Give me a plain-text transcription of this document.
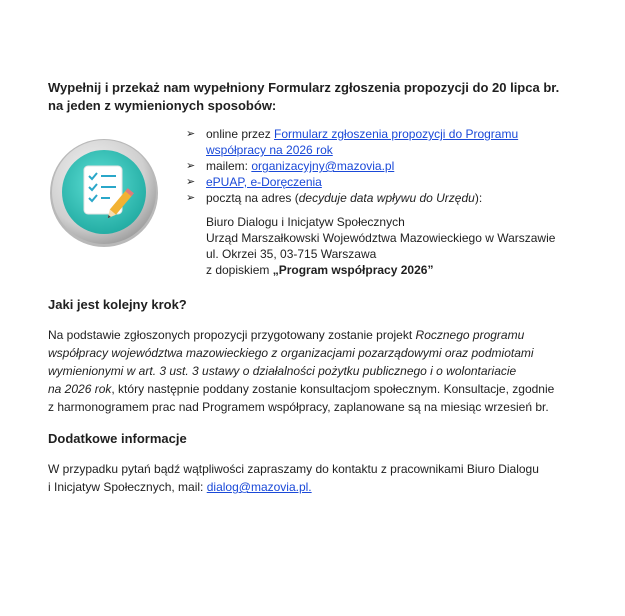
Wypełnij i przekaż nam wypełniony Formularz zgłoszenia propozycji do 20 lipca br.
na jeden z wymienionych sposobów:
➢ online przez Formularz zgłoszenia propozycji do Programu
współpracy na 2026 rok
➢ mailem: organizacyjny@mazovia.pl
➢ ePUAP, e-Doręczenia
➢ pocztą na adres (decyduje data wpływu do Urzędu):
Biuro Dialogu i Inicjatyw Społecznych
Urząd Marszałkowski Województwa Mazowieckiego w Warszawie
ul. Okrzei 35, 03-715 Warszawa
z dopiskiem „Program współpracy 2026”
Jaki jest kolejny krok?

Na podstawie zgłoszonych propozycji przygotowany zostanie projekt Rocznego programu
współpracy województwa mazowieckiego z organizacjami pozarządowymi oraz podmiotami
wymienionymi w art. 3 ust. 3 ustawy o działalności pożytku publicznego i o wolontariacie
na 2026 rok, który następnie poddany zostanie konsultacjom społecznym. Konsultacje, zgodnie
z harmonogramem prac nad Programem współpracy, zaplanowane są na miesiąc wrzesień br.

Dodatkowe informacje

W przypadku pytań bądź wątpliwości zapraszamy do kontaktu z pracownikami Biuro Dialogu
i Inicjatyw Społecznych, mail: dialog@mazovia.pl.
